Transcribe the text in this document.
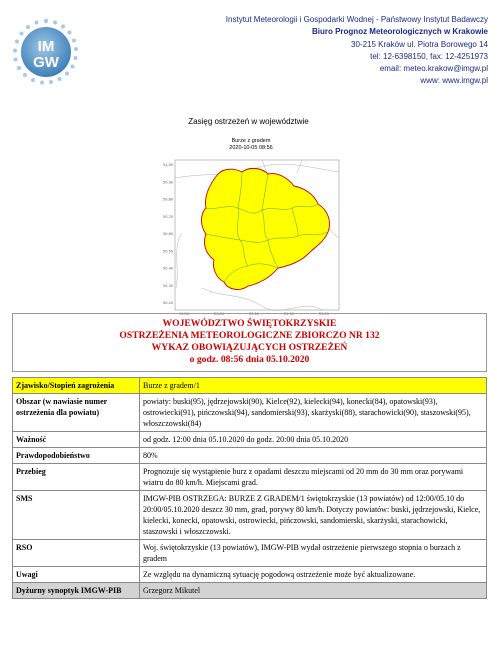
IM
GW
Instytut Meteorologii i Gospodarki Wodnej - Państwowy Instytut Badawczy
Biuro Prognoz Meteorologicznych w Krakowie
30-215 Kraków ul. Piotra Borowego 14
tel: 12-6398150, fax: 12-4251973
email: meteo.krakow@imgw.pl
www: www.imgw.pl
Zasięg ostrzeżeń w województwie
Burze z gradem
2020-10-05 08:56
51.00
50.90
50.80
50.70
50.60
50.50
50.40
50.30
50.20
19.50	20.00	20.50	21.00	21.50
WOJEWÓDZTWO ŚWIĘTOKRZYSKIE
OSTRZEŻENIA METEOROLOGICZNE ZBIORCZO NR 132
WYKAZ OBOWIĄZUJĄCYCH OSTRZEŻEŃ
o godz. 08:56 dnia 05.10.2020
Zjawisko/Stopień zagrożenia	Burze z gradem/1
Obszar (w nawiasie numer ostrzeżenia dla powiatu)	powiaty: buski(95), jędrzejowski(90), Kielce(92), kielecki(94), konecki(84), opatowski(93), ostrowiecki(91), pińczowski(94), sandomierski(93), skarżyski(88), starachowicki(90), staszowski(95), włoszczowski(84)
Ważność	od godz. 12:00 dnia 05.10.2020 do godz. 20:00 dnia 05.10.2020
Prawdopodobieństwo	80%
Przebieg	Prognozuje się wystąpienie burz z opadami deszczu miejscami od 20 mm do 30 mm oraz porywami wiatru do 80 km/h. Miejscami grad.
SMS	IMGW-PIB OSTRZEGA: BURZE Z GRADEM/1 świętokrzyskie (13 powiatów) od 12:00/05.10 do 20:00/05.10.2020 deszcz 30 mm, grad, porywy 80 km/h. Dotyczy powiatów: buski, jędrzejowski, Kielce, kielecki, konecki, opatowski, ostrowiecki, pińczowski, sandomierski, skarżyski, starachowicki, staszowski i włoszczowski.
RSO	Woj. świętokrzyskie (13 powiatów), IMGW-PIB wydał ostrzeżenie pierwszego stopnia o burzach z gradem
Uwagi	Ze względu na dynamiczną sytuację pogodową ostrzeżenie może być aktualizowane.
Dyżurny synoptyk IMGW-PIB	Grzegorz Mikutel
